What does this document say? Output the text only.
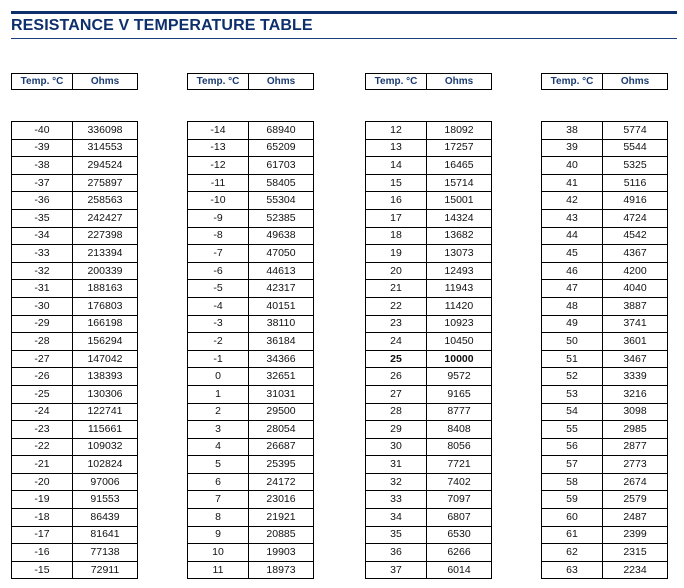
RESISTANCE V TEMPERATURE TABLE
Temp. °C	Ohms
-40	336098
-39	314553
-38	294524
-37	275897
-36	258563
-35	242427
-34	227398
-33	213394
-32	200339
-31	188163
-30	176803
-29	166198
-28	156294
-27	147042
-26	138393
-25	130306
-24	122741
-23	115661
-22	109032
-21	102824
-20	97006
-19	91553
-18	86439
-17	81641
-16	77138
-15	72911
Temp. °C	Ohms
-14	68940
-13	65209
-12	61703
-11	58405
-10	55304
-9	52385
-8	49638
-7	47050
-6	44613
-5	42317
-4	40151
-3	38110
-2	36184
-1	34366
0	32651
1	31031
2	29500
3	28054
4	26687
5	25395
6	24172
7	23016
8	21921
9	20885
10	19903
11	18973
Temp. °C	Ohms
12	18092
13	17257
14	16465
15	15714
16	15001
17	14324
18	13682
19	13073
20	12493
21	11943
22	11420
23	10923
24	10450
25	10000
26	9572
27	9165
28	8777
29	8408
30	8056
31	7721
32	7402
33	7097
34	6807
35	6530
36	6266
37	6014
Temp. °C	Ohms
38	5774
39	5544
40	5325
41	5116
42	4916
43	4724
44	4542
45	4367
46	4200
47	4040
48	3887
49	3741
50	3601
51	3467
52	3339
53	3216
54	3098
55	2985
56	2877
57	2773
58	2674
59	2579
60	2487
61	2399
62	2315
63	2234
